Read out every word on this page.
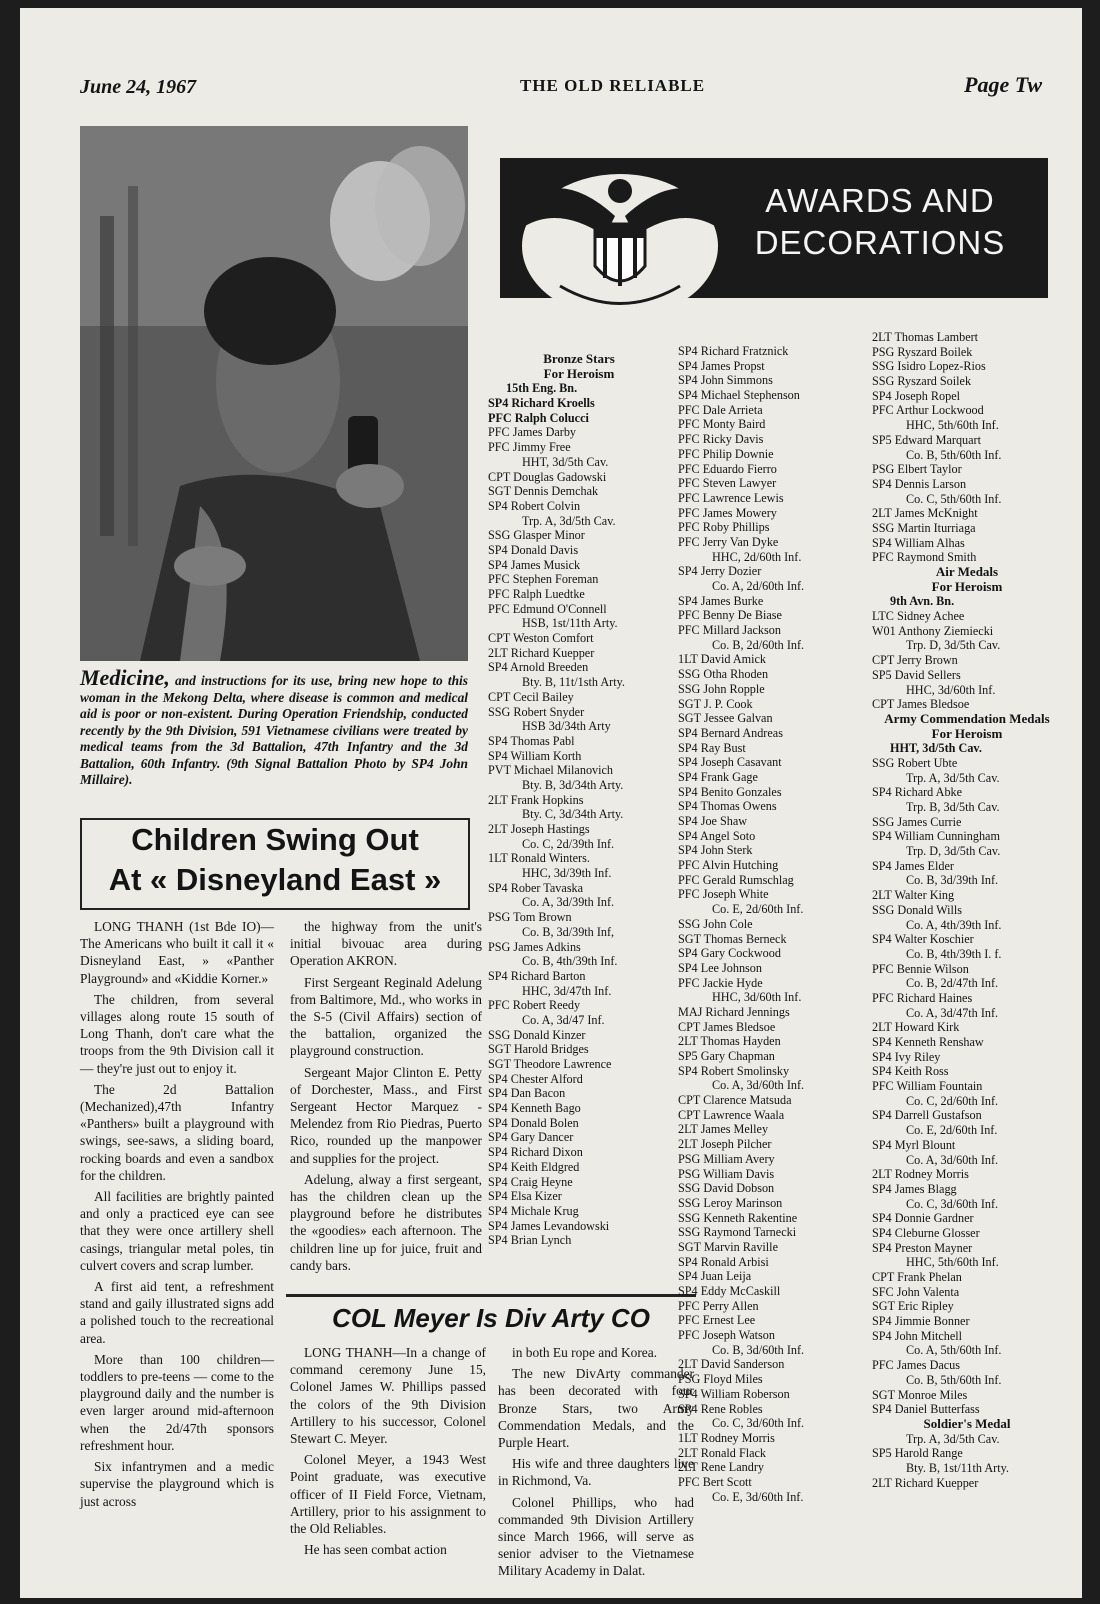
June 24, 1967	THE OLD RELIABLE	Page Tw
Medicine, and instructions for its use, bring new hope to this woman in the Mekong Delta, where disease is common and medical aid is poor or non-existent. During Operation Friendship, conducted recently by the 9th Division, 591 Vietnamese civilians were treated by medical teams from the 3d Battalion, 47th Infantry and the 3d Battalion, 60th Infantry. (9th Signal Battalion Photo by SP4 John Millaire).
Children Swing Out
At « Disneyland East »

LONG THANH (1st Bde IO)— The Americans who built it call it « Disneyland East, » «Panther Playground» and «Kiddie Korner.»

The children, from several villages along route 15 south of Long Thanh, don't care what the troops from the 9th Division call it — they're just out to enjoy it.

The 2d Battalion (Mechanized),47th Infantry «Panthers» built a playground with swings, see-saws, a sliding board, rocking boards and even a sandbox for the children.

All facilities are brightly painted and only a practiced eye can see that they were once artillery shell casings, triangular metal poles, tin culvert covers and scrap lumber.

A first aid tent, a refreshment stand and gaily illustrated signs add a polished touch to the recreational area.

More than 100 children— toddlers to pre-teens — come to the playground daily and the number is even larger around mid-afternoon when the 2d/47th sponsors refreshment hour.

Six infantrymen and a medic supervise the playground which is just across

the highway from the unit's initial bivouac area during Operation AKRON.

First Sergeant Reginald Adelung from Baltimore, Md., who works in the S-5 (Civil Affairs) section of the battalion, organized the playground construction.

Sergeant Major Clinton E. Petty of Dorchester, Mass., and First Sergeant Hector Marquez - Melendez from Rio Piedras, Puerto Rico, rounded up the manpower and supplies for the project.

Adelung, alway a first sergeant, has the children clean up the playground before he distributes the «goodies» each afternoon. The children line up for juice, fruit and candy bars.

COL Meyer Is Div Arty CO

LONG THANH—In a change of command ceremony June 15, Colonel James W. Phillips passed the colors of the 9th Division Artillery to his successor, Colonel Stewart C. Meyer.

Colonel Meyer, a 1943 West Point graduate, was executive officer of II Field Force, Vietnam, Artillery, prior to his assignment to the Old Reliables.

He has seen combat action

in both Eu rope and Korea.

The new DivArty commander has been decorated with four Bronze Stars, two Army Commendation Medals, and the Purple Heart.

His wife and three daughters live in Richmond, Va.

Colonel Phillips, who had commanded 9th Division Artillery since March 1966, will serve as senior adviser to the Vietnamese Military Academy in Dalat.

AWARDS AND
DECORATIONS
Bronze Stars
For Heroism
15th Eng. Bn.
SP4 Richard Kroells
PFC Ralph Colucci
PFC James Darby
PFC Jimmy Free
HHT, 3d/5th Cav.
CPT Douglas Gadowski
SGT Dennis Demchak
SP4 Robert Colvin
Trp. A, 3d/5th Cav.
SSG Glasper Minor
SP4 Donald Davis
SP4 James Musick
PFC Stephen Foreman
PFC Ralph Luedtke
PFC Edmund O'Connell
HSB, 1st/11th Arty.
CPT Weston Comfort
2LT Richard Kuepper
SP4 Arnold Breeden
Bty. B, 11t/1sth Arty.
CPT Cecil Bailey
SSG Robert Snyder
HSB 3d/34th Arty
SP4 Thomas Pabl
SP4 William Korth
PVT Michael Milanovich
Bty. B, 3d/34th Arty.
2LT Frank Hopkins
Bty. C, 3d/34th Arty.
2LT Joseph Hastings
Co. C, 2d/39th Inf.
1LT Ronald Winters.
HHC, 3d/39th Inf.
SP4 Rober Tavaska
Co. A, 3d/39th Inf.
PSG Tom Brown
Co. B, 3d/39th Inf,
PSG James Adkins
Co. B, 4th/39th Inf.
SP4 Richard Barton
HHC, 3d/47th Inf.
PFC Robert Reedy
Co. A, 3d/47 Inf.
SSG Donald Kinzer
SGT Harold Bridges
SGT Theodore Lawrence
SP4 Chester Alford
SP4 Dan Bacon
SP4 Kenneth Bago
SP4 Donald Bolen
SP4 Gary Dancer
SP4 Richard Dixon
SP4 Keith Eldgred
SP4 Craig Heyne
SP4 Elsa Kizer
SP4 Michale Krug
SP4 James Levandowski
SP4 Brian Lynch
SP4 Richard Fratznick
SP4 James Propst
SP4 John Simmons
SP4 Michael Stephenson
PFC Dale Arrieta
PFC Monty Baird
PFC Ricky Davis
PFC Philip Downie
PFC Eduardo Fierro
PFC Steven Lawyer
PFC Lawrence Lewis
PFC James Mowery
PFC Roby Phillips
PFC Jerry Van Dyke
HHC, 2d/60th Inf.
SP4 Jerry Dozier
Co. A, 2d/60th Inf.
SP4 James Burke
PFC Benny De Biase
PFC Millard Jackson
Co. B, 2d/60th Inf.
1LT David Amick
SSG Otha Rhoden
SSG John Ropple
SGT J. P. Cook
SGT Jessee Galvan
SP4 Bernard Andreas
SP4 Ray Bust
SP4 Joseph Casavant
SP4 Frank Gage
SP4 Benito Gonzales
SP4 Thomas Owens
SP4 Joe Shaw
SP4 Angel Soto
SP4 John Sterk
PFC Alvin Hutching
PFC Gerald Rumschlag
PFC Joseph White
Co. E, 2d/60th Inf.
SSG John Cole
SGT Thomas Berneck
SP4 Gary Cockwood
SP4 Lee Johnson
PFC Jackie Hyde
HHC, 3d/60th Inf.
MAJ Richard Jennings
CPT James Bledsoe
2LT Thomas Hayden
SP5 Gary Chapman
SP4 Robert Smolinsky
Co. A, 3d/60th Inf.
CPT Clarence Matsuda
CPT Lawrence Waala
2LT James Melley
2LT Joseph Pilcher
PSG Milliam Avery
PSG William Davis
SSG David Dobson
SSG Leroy Marinson
SSG Kenneth Rakentine
SSG Raymond Tarnecki
SGT Marvin Raville
SP4 Ronald Arbisi
SP4 Juan Leija
SP4 Eddy McCaskill
PFC Perry Allen
PFC Ernest Lee
PFC Joseph Watson
Co. B, 3d/60th Inf.
2LT David Sanderson
PSG Floyd Miles
SP4 William Roberson
SP4 Rene Robles
Co. C, 3d/60th Inf.
1LT Rodney Morris
2LT Ronald Flack
2LT Rene Landry
PFC Bert Scott
Co. E, 3d/60th Inf.
2LT Thomas Lambert
PSG Ryszard Boilek
SSG Isidro Lopez-Rios
SSG Ryszard Soilek
SP4 Joseph Ropel
PFC Arthur Lockwood
HHC, 5th/60th Inf.
SP5 Edward Marquart
Co. B, 5th/60th Inf.
PSG Elbert Taylor
SP4 Dennis Larson
Co. C, 5th/60th Inf.
2LT James McKnight
SSG Martin Iturriaga
SP4 William Alhas
PFC Raymond Smith
Air Medals
For Heroism
9th Avn. Bn.
LTC Sidney Achee
W01 Anthony Ziemiecki
Trp. D, 3d/5th Cav.
CPT Jerry Brown
SP5 David Sellers
HHC, 3d/60th Inf.
CPT James Bledsoe
Army Commendation Medals
For Heroism
HHT, 3d/5th Cav.
SSG Robert Ubte
Trp. A, 3d/5th Cav.
SP4 Richard Abke
Trp. B, 3d/5th Cav.
SSG James Currie
SP4 William Cunningham
Trp. D, 3d/5th Cav.
SP4 James Elder
Co. B, 3d/39th Inf.
2LT Walter King
SSG Donald Wills
Co. A, 4th/39th Inf.
SP4 Walter Koschier
Co. B, 4th/39th I. f.
PFC Bennie Wilson
Co. B, 2d/47th Inf.
PFC Richard Haines
Co. A, 3d/47th Inf.
2LT Howard Kirk
SP4 Kenneth Renshaw
SP4 Ivy Riley
SP4 Keith Ross
PFC William Fountain
Co. C, 2d/60th Inf.
SP4 Darrell Gustafson
Co. E, 2d/60th Inf.
SP4 Myrl Blount
Co. A, 3d/60th Inf.
2LT Rodney Morris
SP4 James Blagg
Co. C, 3d/60th Inf.
SP4 Donnie Gardner
SP4 Cleburne Glosser
SP4 Preston Mayner
HHC, 5th/60th Inf.
CPT Frank Phelan
SFC John Valenta
SGT Eric Ripley
SP4 Jimmie Bonner
SP4 John Mitchell
Co. A, 5th/60th Inf.
PFC James Dacus
Co. B, 5th/60th Inf.
SGT Monroe Miles
SP4 Daniel Butterfass
Soldier's Medal
Trp. A, 3d/5th Cav.
SP5 Harold Range
Bty. B, 1st/11th Arty.
2LT Richard Kuepper
